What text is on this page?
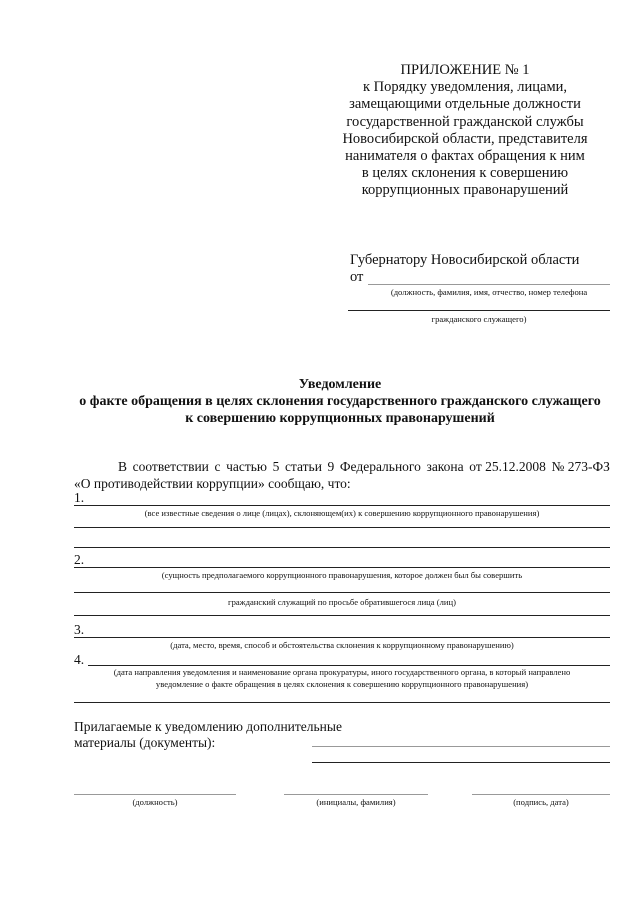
ПРИЛОЖЕНИЕ № 1
к Порядку уведомления, лицами,
замещающими отдельные должности
государственной гражданской службы
Новосибирской области, представителя
нанимателя о фактах обращения к ним
в целях склонения к совершению
коррупционных правонарушений
Губернатору Новосибирской области
от
(должность, фамилия, имя, отчество, номер телефона
гражданского служащего)
Уведомление
о факте обращения в целях склонения государственного гражданского служащего
к совершению коррупционных правонарушений
В соответствии с частью 5 статьи 9 Федерального закона от 25.12.2008 № 273-ФЗ
«О противодействии коррупции» сообщаю, что:
1.
(все известные сведения о лице (лицах), склоняющем(их) к совершению коррупционного правонарушения)
2.
(сущность предполагаемого коррупционного правонарушения, которое должен был бы совершить
гражданский служащий по просьбе обратившегося лица (лиц)
3.
(дата, место, время, способ и обстоятельства склонения к коррупционному правонарушению)
4.
(дата направления уведомления и наименование органа прокуратуры, иного государственного органа, в который направлено
уведомление о факте обращения в целях склонения к совершению коррупционного правонарушения)
Прилагаемые к уведомлению дополнительные
материалы (документы):
(должность)	(инициалы, фамилия)	(подпись, дата)
